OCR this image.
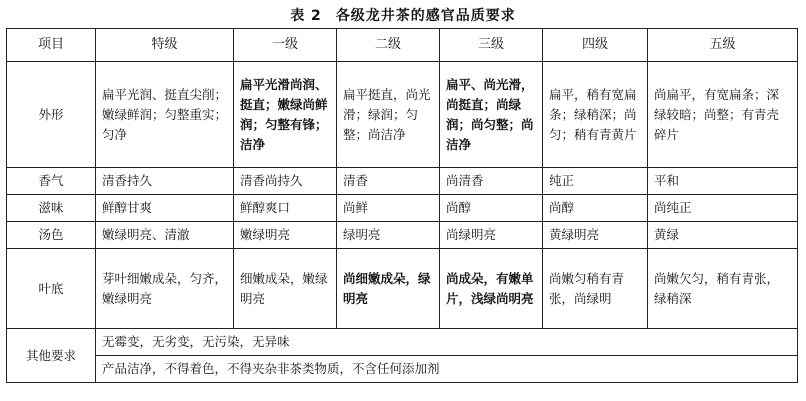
表 2 各级龙井茶的感官品质要求
项目	特级	一级	二级	三级	四级	五级
外形	扁平光润、挺直尖削；嫩绿鲜润；匀整重实；匀净	扁平光滑尚润、挺直；嫩绿尚鲜润；匀整有锋；洁净	扁平挺直，尚光滑；绿润；匀整；尚洁净	扁平、尚光滑，尚挺直；尚绿润；尚匀整；尚洁净	扁平，稍有宽扁条；绿稍深；尚匀；稍有青黄片	尚扁平，有宽扁条；深绿较暗；尚整；有青壳碎片
香气	清香持久	清香尚持久	清香	尚清香	纯正	平和
滋味	鲜醇甘爽	鲜醇爽口	尚鲜	尚醇	尚醇	尚纯正
汤色	嫩绿明亮、清澈	嫩绿明亮	绿明亮	尚绿明亮	黄绿明亮	黄绿
叶底	芽叶细嫩成朵，匀齐，嫩绿明亮	细嫩成朵，嫩绿明亮	尚细嫩成朵，绿明亮	尚成朵，有嫩单片，浅绿尚明亮	尚嫩匀稍有青张，尚绿明	尚嫩欠匀，稍有青张，绿稍深
其他要求	无霉变，无劣变，无污染，无异味					
	产品洁净，不得着色，不得夹杂非茶类物质，不含任何添加剂					
